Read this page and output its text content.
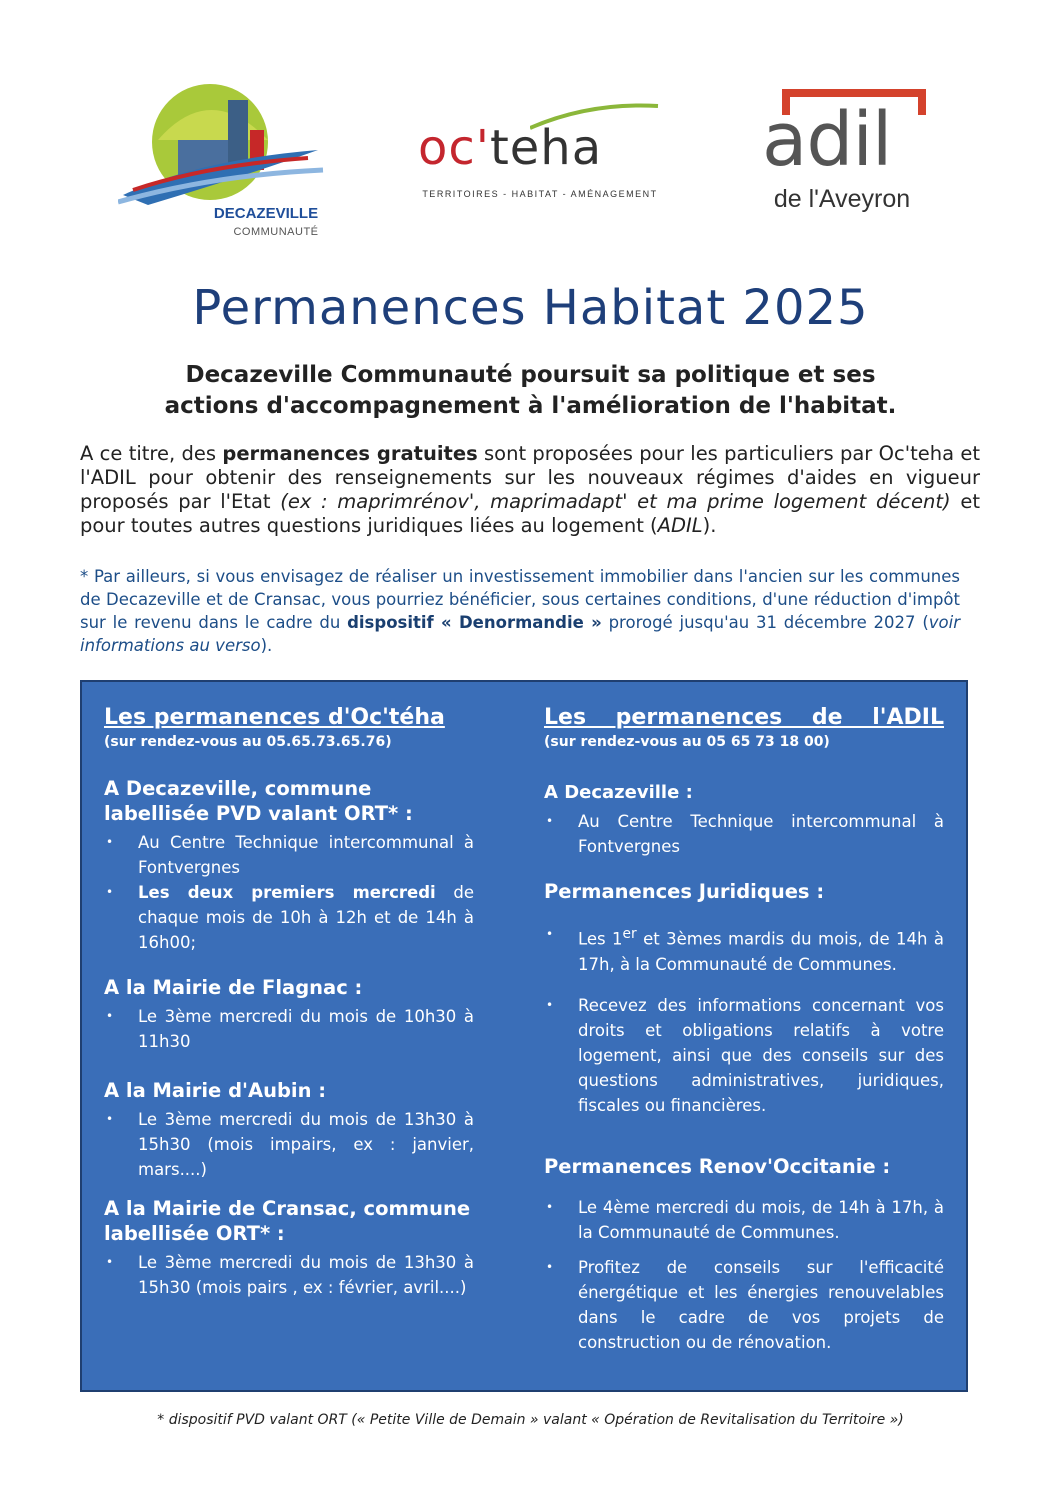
DECAZEVILLE
COMMUNAUTÉ
oc'teha
TERRITOIRES - HABITAT - AMÉNAGEMENT
adil
de l'Aveyron
Permanences Habitat 2025
Decazeville Communauté poursuit sa politique et ses
actions d'accompagnement à l'amélioration de l'habitat.
A ce titre, des permanences gratuites sont proposées pour les particuliers par Oc'teha et l'ADIL pour obtenir des renseignements sur les nouveaux régimes d'aides en vigueur proposés par l'Etat (ex : maprimrénov', maprimadapt' et ma prime logement décent) et pour toutes autres questions juridiques liées au logement (ADIL).
* Par ailleurs, si vous envisagez de réaliser un investissement immobilier dans l'ancien sur les communes de Decazeville et de Cransac, vous pourriez bénéficier, sous certaines conditions, d'une réduction d'impôt sur le revenu dans le cadre du dispositif « Denormandie » prorogé jusqu'au 31 décembre 2027 (voir informations au verso).
Les permanences d'Oc'téha
(sur rendez-vous au 05.65.73.65.76)
A Decazeville, commune labellisée PVD valant ORT* :
• Au Centre Technique intercommunal à Fontvergnes
• Les deux premiers mercredi de chaque mois de 10h à 12h et de 14h à 16h00;
A la Mairie de Flagnac :
• Le 3ème mercredi du mois de 10h30 à 11h30
A la Mairie d'Aubin :
• Le 3ème mercredi du mois de 13h30 à 15h30 (mois impairs, ex : janvier, mars....)
A la Mairie de Cransac, commune labellisée ORT* :
• Le 3ème mercredi du mois de 13h30 à 15h30 (mois pairs , ex : février, avril....)
Les permanences de l'ADIL
(sur rendez-vous au 05 65 73 18 00)
A Decazeville :
• Au Centre Technique intercommunal à Fontvergnes
Permanences Juridiques :
• Les 1er et 3èmes mardis du mois, de 14h à 17h, à la Communauté de Communes.
• Recevez des informations concernant vos droits et obligations relatifs à votre logement, ainsi que des conseils sur des questions administratives, juridiques, fiscales ou financières.
Permanences Renov'Occitanie :
• Le 4ème mercredi du mois, de 14h à 17h, à la Communauté de Communes.
• Profitez de conseils sur l'efficacité énergétique et les énergies renouvelables dans le cadre de vos projets de construction ou de rénovation.
* dispositif PVD valant ORT (« Petite Ville de Demain » valant « Opération de Revitalisation du Territoire »)
